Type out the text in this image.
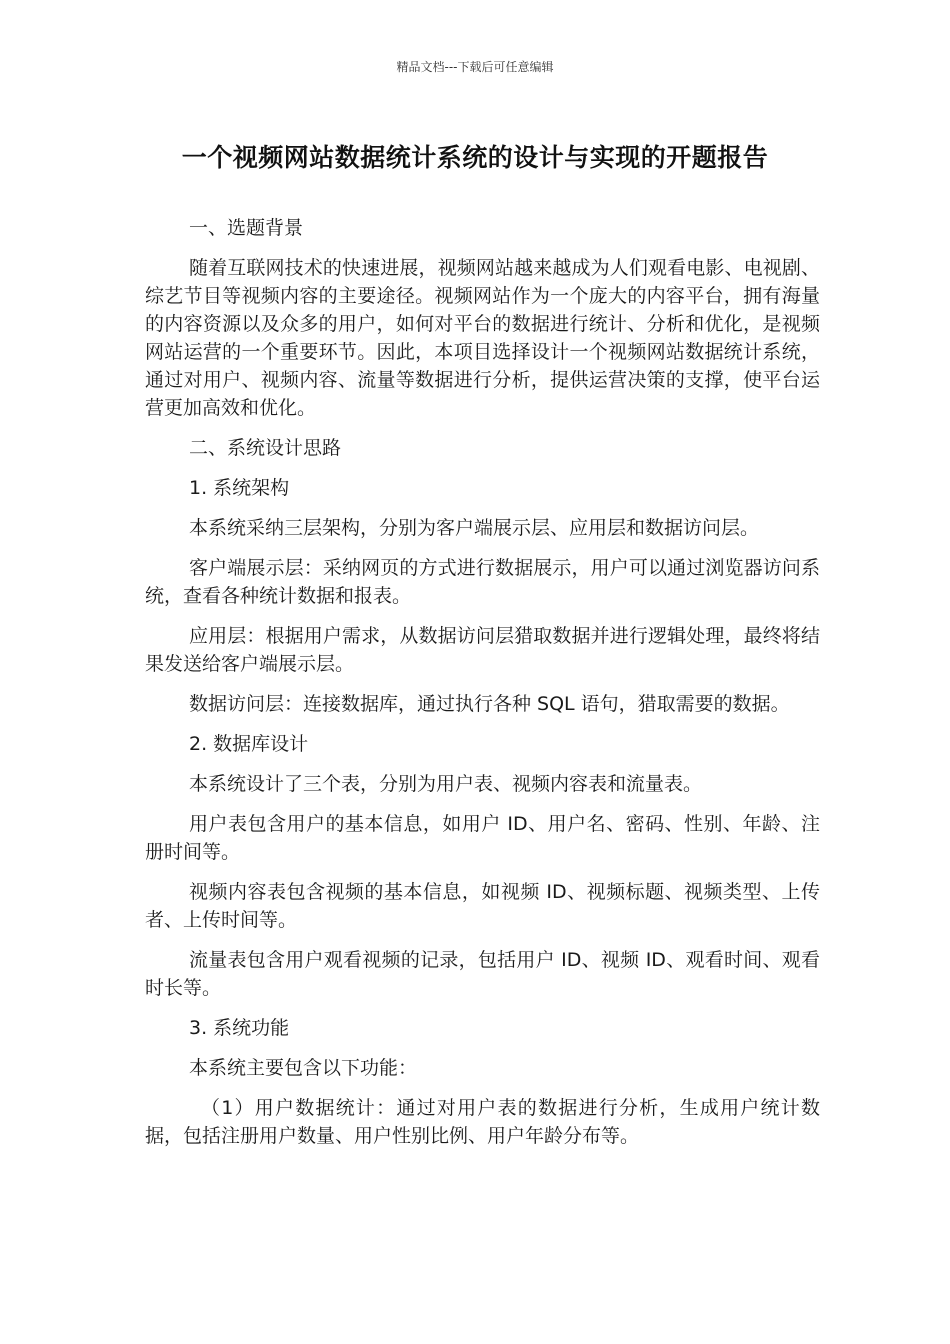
精品文档---下载后可任意编辑
一个视频网站数据统计系统的设计与实现的开题报告

一、选题背景

随着互联网技术的快速进展，视频网站越来越成为人们观看电影、电视剧、综艺节目等视频内容的主要途径。视频网站作为一个庞大的内容平台，拥有海量的内容资源以及众多的用户，如何对平台的数据进行统计、分析和优化，是视频网站运营的一个重要环节。因此，本项目选择设计一个视频网站数据统计系统，通过对用户、视频内容、流量等数据进行分析，提供运营决策的支撑，使平台运营更加高效和优化。

二、系统设计思路

1. 系统架构

本系统采纳三层架构，分别为客户端展示层、应用层和数据访问层。

客户端展示层：采纳网页的方式进行数据展示，用户可以通过浏览器访问系统，查看各种统计数据和报表。

应用层：根据用户需求，从数据访问层猎取数据并进行逻辑处理，最终将结果发送给客户端展示层。

数据访问层：连接数据库，通过执行各种 SQL 语句，猎取需要的数据。

2. 数据库设计

本系统设计了三个表，分别为用户表、视频内容表和流量表。

用户表包含用户的基本信息，如用户 ID、用户名、密码、性别、年龄、注册时间等。

视频内容表包含视频的基本信息，如视频 ID、视频标题、视频类型、上传者、上传时间等。

流量表包含用户观看视频的记录，包括用户 ID、视频 ID、观看时间、观看时长等。

3. 系统功能

本系统主要包含以下功能：

（1）用户数据统计：通过对用户表的数据进行分析，生成用户统计数据，包括注册用户数量、用户性别比例、用户年龄分布等。
